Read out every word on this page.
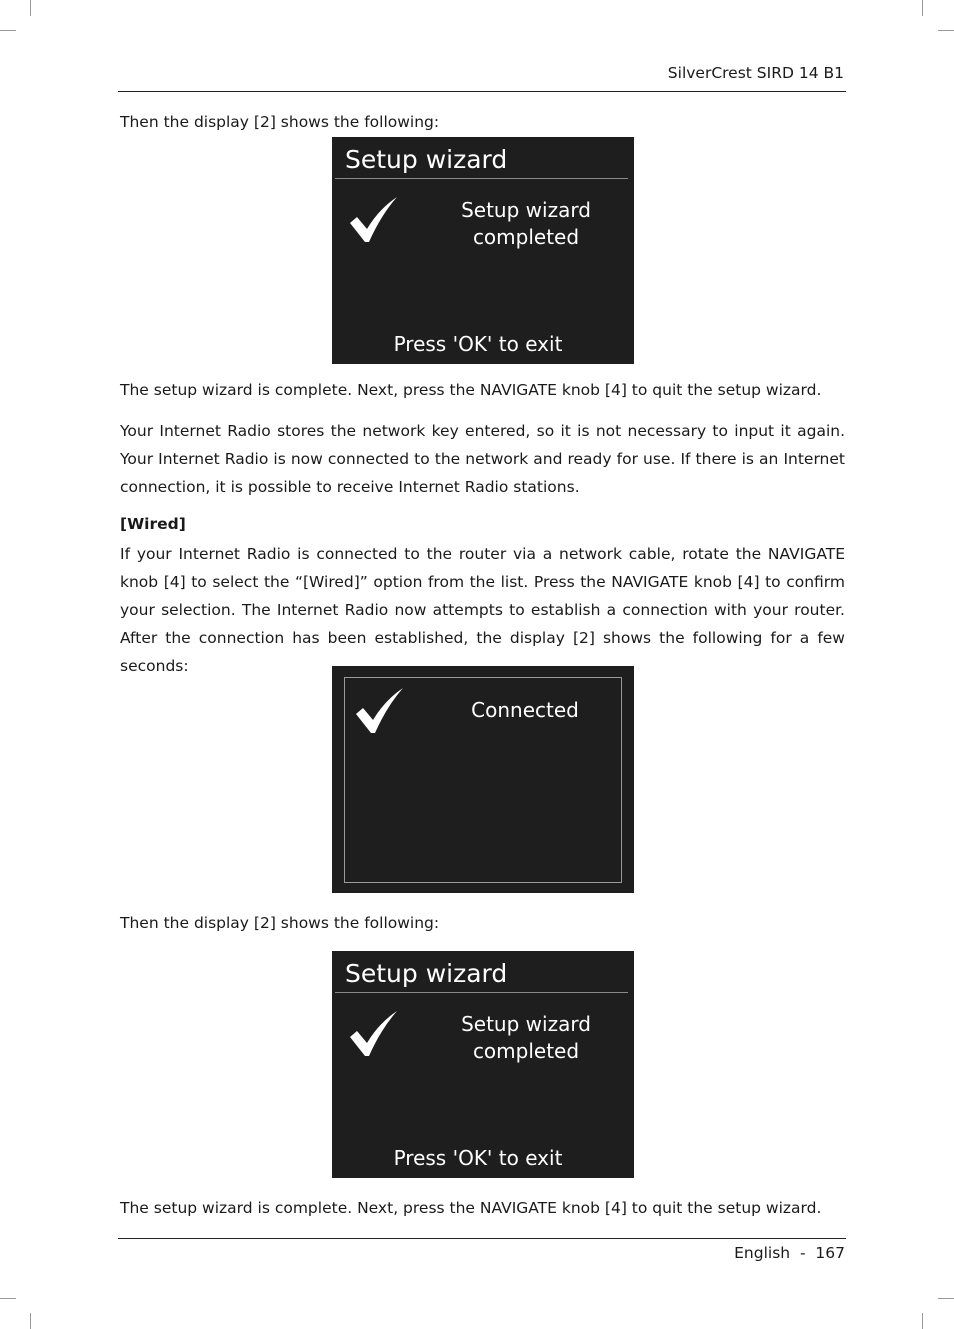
SilverCrest SIRD 14 B1
Then the display [2] shows the following:
Setup wizard
Setup wizard
completed
Press 'OK' to exit
The setup wizard is complete. Next, press the NAVIGATE knob [4] to quit the setup wizard.
Your Internet Radio stores the network key entered, so it is not necessary to input it again. Your Internet Radio is now connected to the network and ready for use. If there is an Internet connection, it is possible to receive Internet Radio stations.
[Wired]
If your Internet Radio is connected to the router via a network cable, rotate the NAVIGATE knob [4] to select the “[Wired]” option from the list. Press the NAVIGATE knob [4] to confirm your selection. The Internet Radio now attempts to establish a connection with your router. After the connection has been established, the display [2] shows the following for a few seconds:
Connected
Then the display [2] shows the following:
Setup wizard
Setup wizard
completed
Press 'OK' to exit
The setup wizard is complete. Next, press the NAVIGATE knob [4] to quit the setup wizard.
English  -  167
